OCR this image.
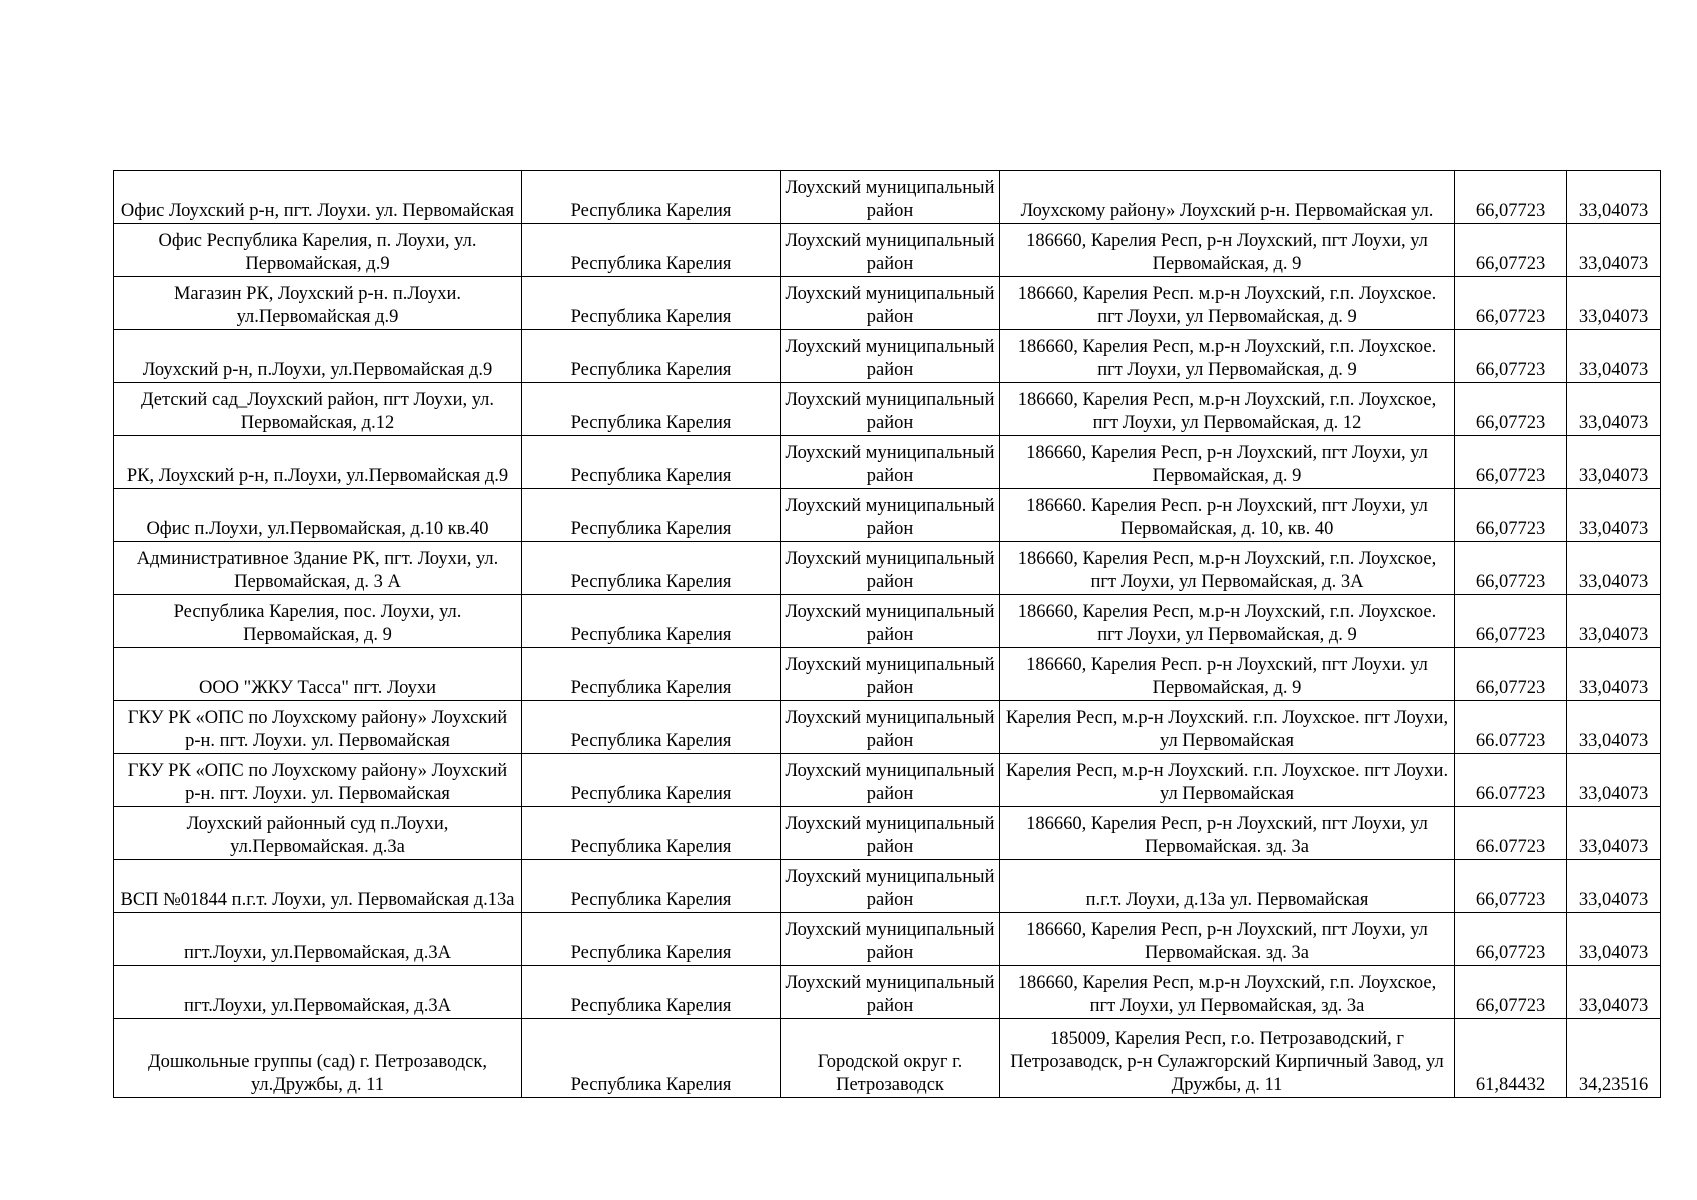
Офис Лоухский р-н, пгт. Лоухи. ул. Первомайская	Республика Карелия	Лоухский муниципальный район	Лоухскому району» Лоухский р-н. Первомайская ул.	66,07723	33,04073
Офис Республика Карелия, п. Лоухи, ул. Первомайская, д.9	Республика Карелия	Лоухский муниципальный район	186660, Карелия Респ, р-н Лоухский, пгт Лоухи, ул Первомайская, д. 9	66,07723	33,04073
Магазин РК, Лоухский р-н. п.Лоухи. ул.Первомайская д.9	Республика Карелия	Лоухский муниципальный район	186660, Карелия Респ. м.р-н Лоухский, г.п. Лоухское. пгт Лоухи, ул Первомайская, д. 9	66,07723	33,04073
Лоухский р-н, п.Лоухи, ул.Первомайская д.9	Республика Карелия	Лоухский муниципальный район	186660, Карелия Респ, м.р-н Лоухский, г.п. Лоухское. пгт Лоухи, ул Первомайская, д. 9	66,07723	33,04073
Детский сад_Лоухский район, пгт Лоухи, ул. Первомайская, д.12	Республика Карелия	Лоухский муниципальный район	186660, Карелия Респ, м.р-н Лоухский, г.п. Лоухское, пгт Лоухи, ул Первомайская, д. 12	66,07723	33,04073
РК, Лоухский р-н, п.Лоухи, ул.Первомайская д.9	Республика Карелия	Лоухский муниципальный район	186660, Карелия Респ, р-н Лоухский, пгт Лоухи, ул Первомайская, д. 9	66,07723	33,04073
Офис п.Лоухи, ул.Первомайская, д.10 кв.40	Республика Карелия	Лоухский муниципальный район	186660. Карелия Респ. р-н Лоухский, пгт Лоухи, ул Первомайская, д. 10, кв. 40	66,07723	33,04073
Административное Здание РК, пгт. Лоухи, ул. Первомайская, д. 3 А	Республика Карелия	Лоухский муниципальный район	186660, Карелия Респ, м.р-н Лоухский, г.п. Лоухское, пгт Лоухи, ул Первомайская, д. 3А	66,07723	33,04073
Республика Карелия, пос. Лоухи, ул. Первомайская, д. 9	Республика Карелия	Лоухский муниципальный район	186660, Карелия Респ, м.р-н Лоухский, г.п. Лоухское. пгт Лоухи, ул Первомайская, д. 9	66,07723	33,04073
ООО "ЖКУ Тасса" пгт. Лоухи	Республика Карелия	Лоухский муниципальный район	186660, Карелия Респ. р-н Лоухский, пгт Лоухи. ул Первомайская, д. 9	66,07723	33,04073
ГКУ РК «ОПС по Лоухскому району» Лоухский р-н. пгт. Лоухи. ул. Первомайская	Республика Карелия	Лоухский муниципальный район	Карелия Респ, м.р-н Лоухский. г.п. Лоухское. пгт Лоухи, ул Первомайская	66.07723	33,04073
ГКУ РК «ОПС по Лоухскому району» Лоухский р-н. пгт. Лоухи. ул. Первомайская	Республика Карелия	Лоухский муниципальный район	Карелия Респ, м.р-н Лоухский. г.п. Лоухское. пгт Лоухи. ул Первомайская	66.07723	33,04073
Лоухский районный суд п.Лоухи, ул.Первомайская. д.3а	Республика Карелия	Лоухский муниципальный район	186660, Карелия Респ, р-н Лоухский, пгт Лоухи, ул Первомайская. зд. 3а	66.07723	33,04073
ВСП №01844 п.г.т. Лоухи, ул. Первомайская д.13а	Республика Карелия	Лоухский муниципальный район	п.г.т. Лоухи, д.13а ул. Первомайская	66,07723	33,04073
пгт.Лоухи, ул.Первомайская, д.3А	Республика Карелия	Лоухский муниципальный район	186660, Карелия Респ, р-н Лоухский, пгт Лоухи, ул Первомайская. зд. 3а	66,07723	33,04073
пгт.Лоухи, ул.Первомайская, д.3А	Республика Карелия	Лоухский муниципальный район	186660, Карелия Респ, м.р-н Лоухский, г.п. Лоухское, пгт Лоухи, ул Первомайская, зд. 3а	66,07723	33,04073
Дошкольные группы (сад) г. Петрозаводск, ул.Дружбы, д. 11	Республика Карелия	Городской округ г. Петрозаводск	185009, Карелия Респ, г.о. Петрозаводский, г Петрозаводск, р-н Сулажгорский Кирпичный Завод, ул Дружбы, д. 11	61,84432	34,23516
